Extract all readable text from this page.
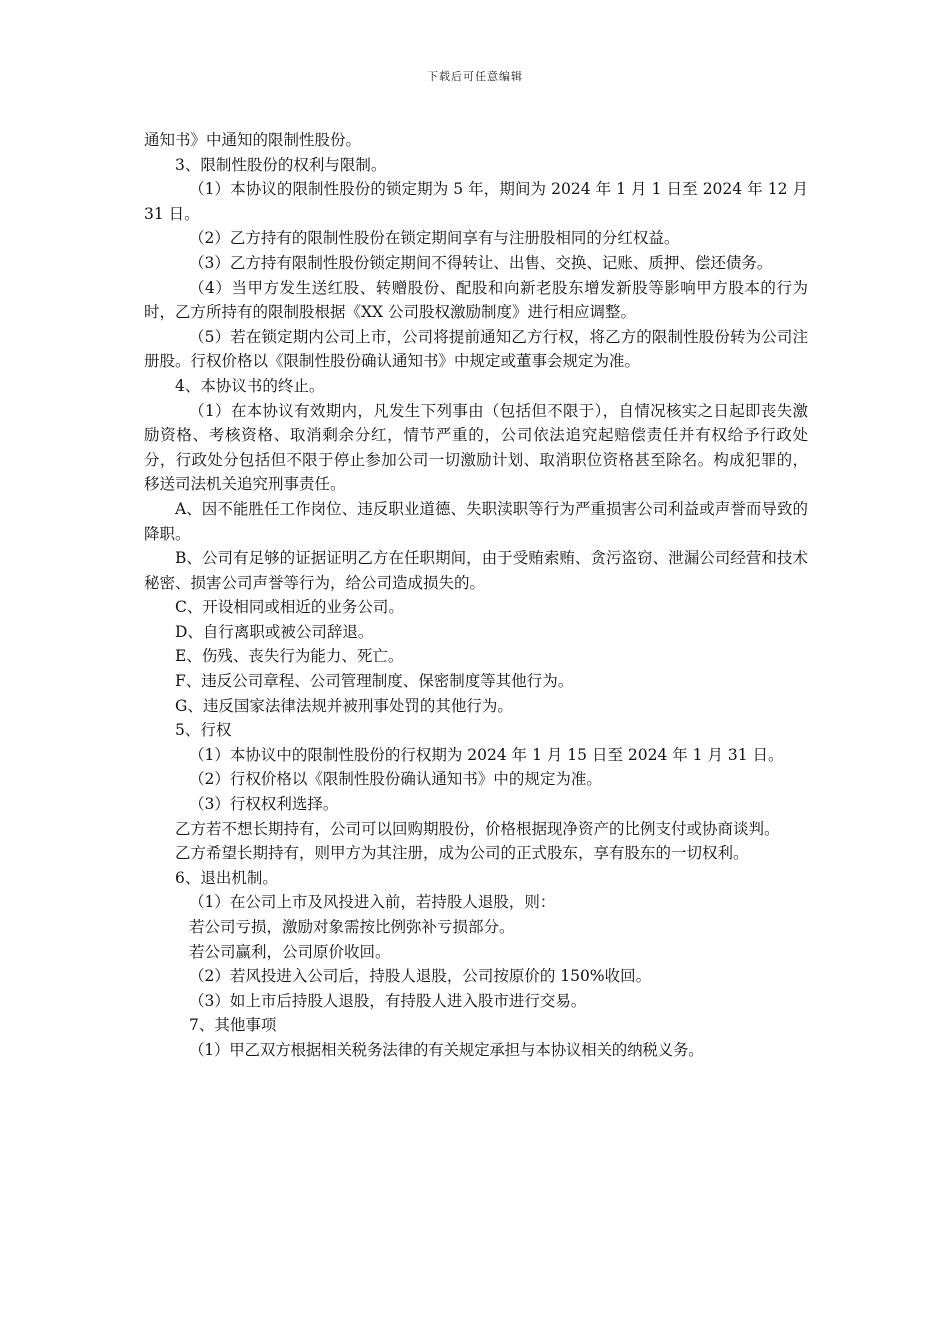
下载后可任意编辑

通知书》中通知的限制性股份。

3、限制性股份的权利与限制。

（1）本协议的限制性股份的锁定期为 5 年，期间为 2024 年 1 月 1 日至 2024 年 12 月 31 日。

（2）乙方持有的限制性股份在锁定期间享有与注册股相同的分红权益。

（3）乙方持有限制性股份锁定期间不得转让、出售、交换、记账、质押、偿还债务。

（4）当甲方发生送红股、转赠股份、配股和向新老股东增发新股等影响甲方股本的行为时，乙方所持有的限制股根据《XX 公司股权激励制度》进行相应调整。

（5）若在锁定期内公司上市，公司将提前通知乙方行权，将乙方的限制性股份转为公司注册股。行权价格以《限制性股份确认通知书》中规定或董事会规定为准。

4、本协议书的终止。

（1）在本协议有效期内，凡发生下列事由（包括但不限于），自情况核实之日起即丧失激励资格、考核资格、取消剩余分红，情节严重的，公司依法追究起赔偿责任并有权给予行政处分，行政处分包括但不限于停止参加公司一切激励计划、取消职位资格甚至除名。构成犯罪的，移送司法机关追究刑事责任。

A、因不能胜任工作岗位、违反职业道德、失职渎职等行为严重损害公司利益或声誉而导致的降职。

B、公司有足够的证据证明乙方在任职期间，由于受贿索贿、贪污盗窃、泄漏公司经营和技术秘密、损害公司声誉等行为，给公司造成损失的。

C、开设相同或相近的业务公司。

D、自行离职或被公司辞退。

E、伤残、丧失行为能力、死亡。

F、违反公司章程、公司管理制度、保密制度等其他行为。

G、违反国家法律法规并被刑事处罚的其他行为。

5、行权

（1）本协议中的限制性股份的行权期为 2024 年 1 月 15 日至 2024 年 1 月 31 日。

（2）行权价格以《限制性股份确认通知书》中的规定为准。

（3）行权权利选择。

乙方若不想长期持有，公司可以回购期股份，价格根据现净资产的比例支付或协商谈判。

乙方希望长期持有，则甲方为其注册，成为公司的正式股东，享有股东的一切权利。

6、退出机制。

（1）在公司上市及风投进入前，若持股人退股，则：

若公司亏损，激励对象需按比例弥补亏损部分。

若公司赢利，公司原价收回。

（2）若风投进入公司后，持股人退股，公司按原价的 150%收回。

（3）如上市后持股人退股，有持股人进入股市进行交易。

7、其他事项

（1）甲乙双方根据相关税务法律的有关规定承担与本协议相关的纳税义务。
